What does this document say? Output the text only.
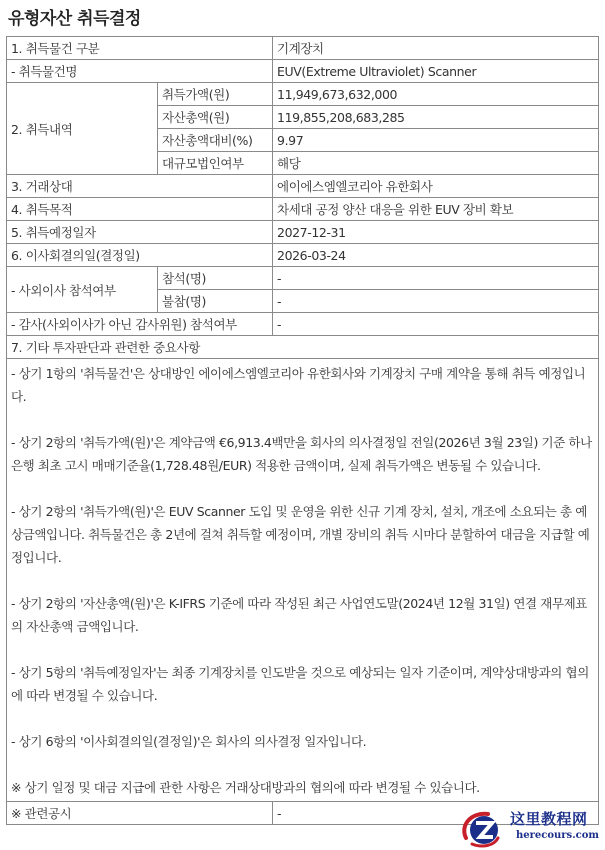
유형자산 취득결정
1. 취득물건 구분		기계장치
- 취득물건명		EUV(Extreme Ultraviolet) Scanner
2. 취득내역	취득가액(원)	11,949,673,632,000
	자산총액(원)	119,855,208,683,285
	자산총액대비(%)	9.97
	대규모법인여부	해당
3. 거래상대		에이에스엠엘코리아 유한회사
4. 취득목적		차세대 공정 양산 대응을 위한 EUV 장비 확보
5. 취득예정일자		2027-12-31
6. 이사회결의일(결정일)		2026-03-24
- 사외이사 참석여부	참석(명)	-
	불참(명)	-
- 감사(사외이사가 아닌 감사위원) 참석여부		-
7. 기타 투자판단과 관련한 중요사항		

- 상기 1항의 '취득물건'은 상대방인 에이에스엠엘코리아 유한회사와 기계장치 구매 계약을 통해 취득 예정입니다.

- 상기 2항의 '취득가액(원)'은 계약금액 €6,913.4백만을 회사의 의사결정일 전일(2026년 3월 23일) 기준 하나은행 최초 고시 매매기준율(1,728.48원/EUR) 적용한 금액이며, 실제 취득가액은 변동될 수 있습니다.

- 상기 2항의 '취득가액(원)'은 EUV Scanner 도입 및 운영을 위한 신규 기계 장치, 설치, 개조에 소요되는 총 예상금액입니다. 취득물건은 총 2년에 걸쳐 취득할 예정이며, 개별 장비의 취득 시마다 분할하여 대금을 지급할 예정입니다.

- 상기 2항의 '자산총액(원)'은 K-IFRS 기준에 따라 작성된 최근 사업연도말(2024년 12월 31일) 연결 재무제표의 자산총액 금액입니다.

- 상기 5항의 '취득예정일자'는 최종 기계장치를 인도받을 것으로 예상되는 일자 기준이며, 계약상대방과의 협의에 따라 변경될 수 있습니다.

- 상기 6항의 '이사회결의일(결정일)'은 회사의 의사결정 일자입니다.

※ 상기 일정 및 대금 지급에 관한 사항은 거래상대방과의 협의에 따라 변경될 수 있습니다.

※ 관련공시		-	这里教程网
herecours.com
